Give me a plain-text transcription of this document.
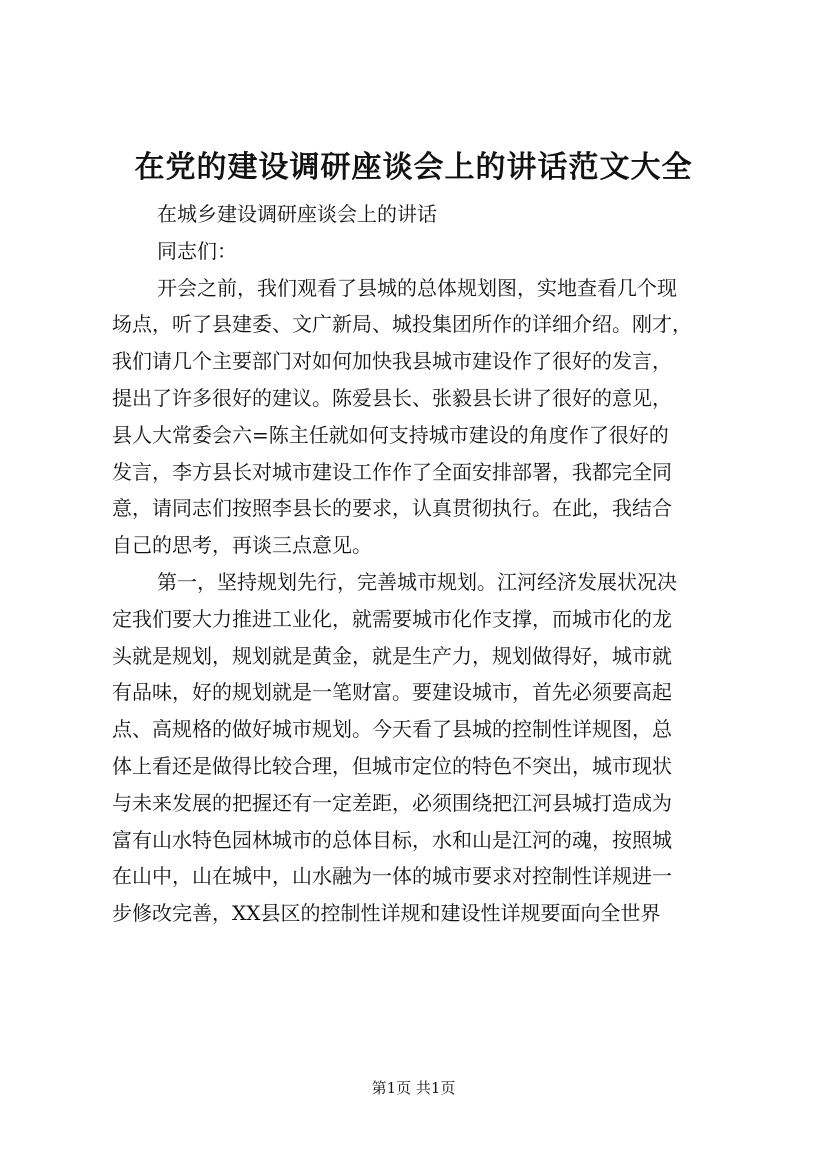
在党的建设调研座谈会上的讲话范文大全

在城乡建设调研座谈会上的讲话

同志们：

开会之前，我们观看了县城的总体规划图，实地查看几个现

场点，听了县建委、文广新局、城投集团所作的详细介绍。刚才，

我们请几个主要部门对如何加快我县城市建设作了很好的发言，

提出了许多很好的建议。陈爱县长、张毅县长讲了很好的意见，

县人大常委会六=陈主任就如何支持城市建设的角度作了很好的

发言，李方县长对城市建设工作作了全面安排部署，我都完全同

意，请同志们按照李县长的要求，认真贯彻执行。在此，我结合

自己的思考，再谈三点意见。

第一，坚持规划先行，完善城市规划。江河经济发展状况决

定我们要大力推进工业化，就需要城市化作支撑，而城市化的龙

头就是规划，规划就是黄金，就是生产力，规划做得好，城市就

有品味，好的规划就是一笔财富。要建设城市，首先必须要高起

点、高规格的做好城市规划。今天看了县城的控制性详规图，总

体上看还是做得比较合理，但城市定位的特色不突出，城市现状

与未来发展的把握还有一定差距，必须围绕把江河县城打造成为

富有山水特色园林城市的总体目标，水和山是江河的魂，按照城

在山中，山在城中，山水融为一体的城市要求对控制性详规进一

步修改完善，XX县区的控制性详规和建设性详规要面向全世界

第1页 共1页
